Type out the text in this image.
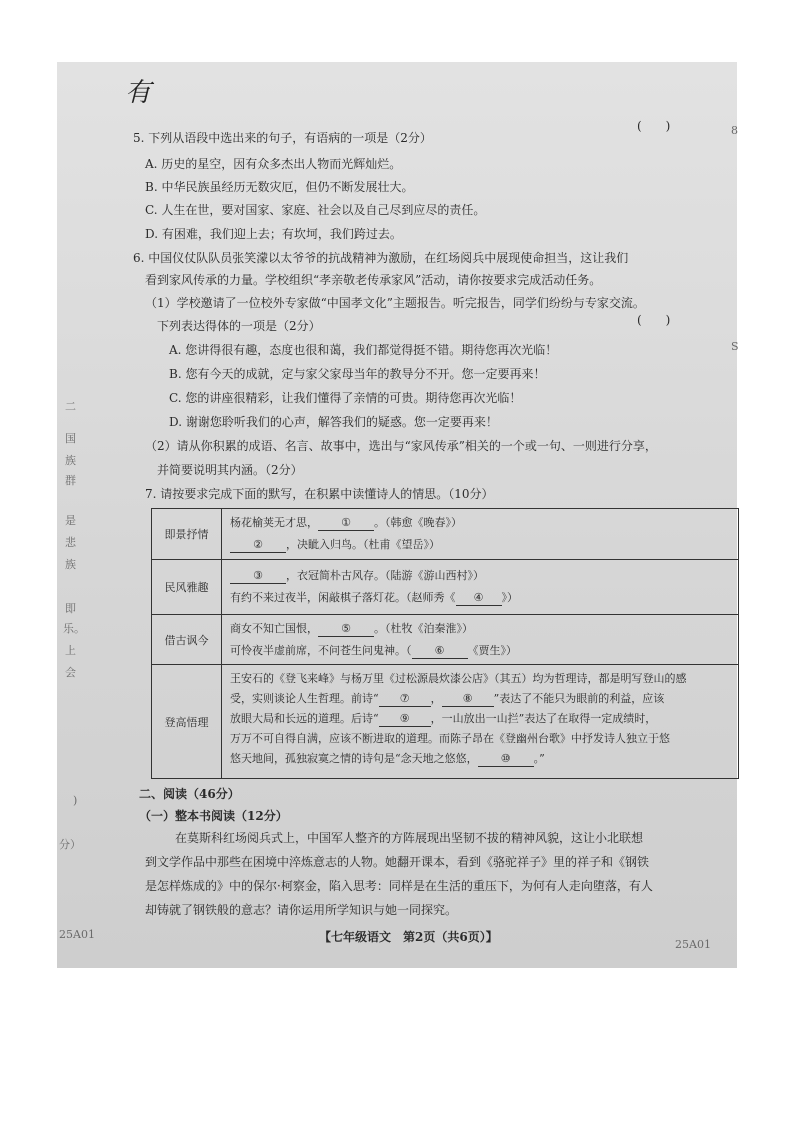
有
二
国
族
群
是
悲
族
即
乐。
上
会
)
分）
8
S
(　　)
5. 下列从语段中选出来的句子，有语病的一项是（2分）
A. 历史的星空，因有众多杰出人物而光辉灿烂。
B. 中华民族虽经历无数灾厄，但仍不断发展壮大。
C. 人生在世，要对国家、家庭、社会以及自己尽到应尽的责任。
D. 有困难，我们迎上去；有坎坷，我们跨过去。
6. 中国仪仗队队员张笑濛以太爷爷的抗战精神为激励，在红场阅兵中展现使命担当，这让我们
看到家风传承的力量。学校组织“孝亲敬老传承家风”活动，请你按要求完成活动任务。
（1）学校邀请了一位校外专家做“中国孝文化”主题报告。听完报告，同学们纷纷与专家交流。
下列表达得体的一项是（2分）	(　　)
A. 您讲得很有趣，态度也很和蔼，我们都觉得挺不错。期待您再次光临！
B. 您有今天的成就，定与家父家母当年的教导分不开。您一定要再来！
C. 您的讲座很精彩，让我们懂得了亲情的可贵。期待您再次光临！
D. 谢谢您聆听我们的心声，解答我们的疑惑。您一定要再来！
（2）请从你积累的成语、名言、故事中，选出与“家风传承”相关的一个或一句、一则进行分享，
并简要说明其内涵。（2分）
7. 请按要求完成下面的默写，在积累中读懂诗人的情思。（10分）
即景抒情
杨花榆荚无才思， ① 。（韩愈《晚春》）
② ，决眦入归鸟。（杜甫《望岳》）
民风雅趣
③ ，衣冠简朴古风存。（陆游《游山西村》）
有约不来过夜半，闲敲棋子落灯花。（赵师秀《 ④ 》）
借古讽今
商女不知亡国恨， ⑤ 。（杜牧《泊秦淮》）
可怜夜半虚前席，不问苍生问鬼神。（ ⑥ 《贾生》）
登高悟理
王安石的《登飞来峰》与杨万里《过松源晨炊漆公店》（其五）均为哲理诗，都是明写登山的感
受，实则谈论人生哲理。前诗“ ⑦ ， ⑧ ”表达了不能只为眼前的利益，应该
放眼大局和长远的道理。后诗“ ⑨ ，一山放出一山拦”表达了在取得一定成绩时，
万万不可自得自满，应该不断进取的道理。而陈子昂在《登幽州台歌》中抒发诗人独立于悠
悠天地间，孤独寂寞之情的诗句是“念天地之悠悠， ⑩ 。”
二、阅读（46分）
（一）整本书阅读（12分）
在莫斯科红场阅兵式上，中国军人整齐的方阵展现出坚韧不拔的精神风貌，这让小北联想
到文学作品中那些在困境中淬炼意志的人物。她翻开课本，看到《骆驼祥子》里的祥子和《钢铁
是怎样炼成的》中的保尔·柯察金，陷入思考：同样是在生活的重压下，为何有人走向堕落，有人
却铸就了钢铁般的意志？请你运用所学知识与她一同探究。
25A01	【七年级语文　第2页（共6页）】
25A01
